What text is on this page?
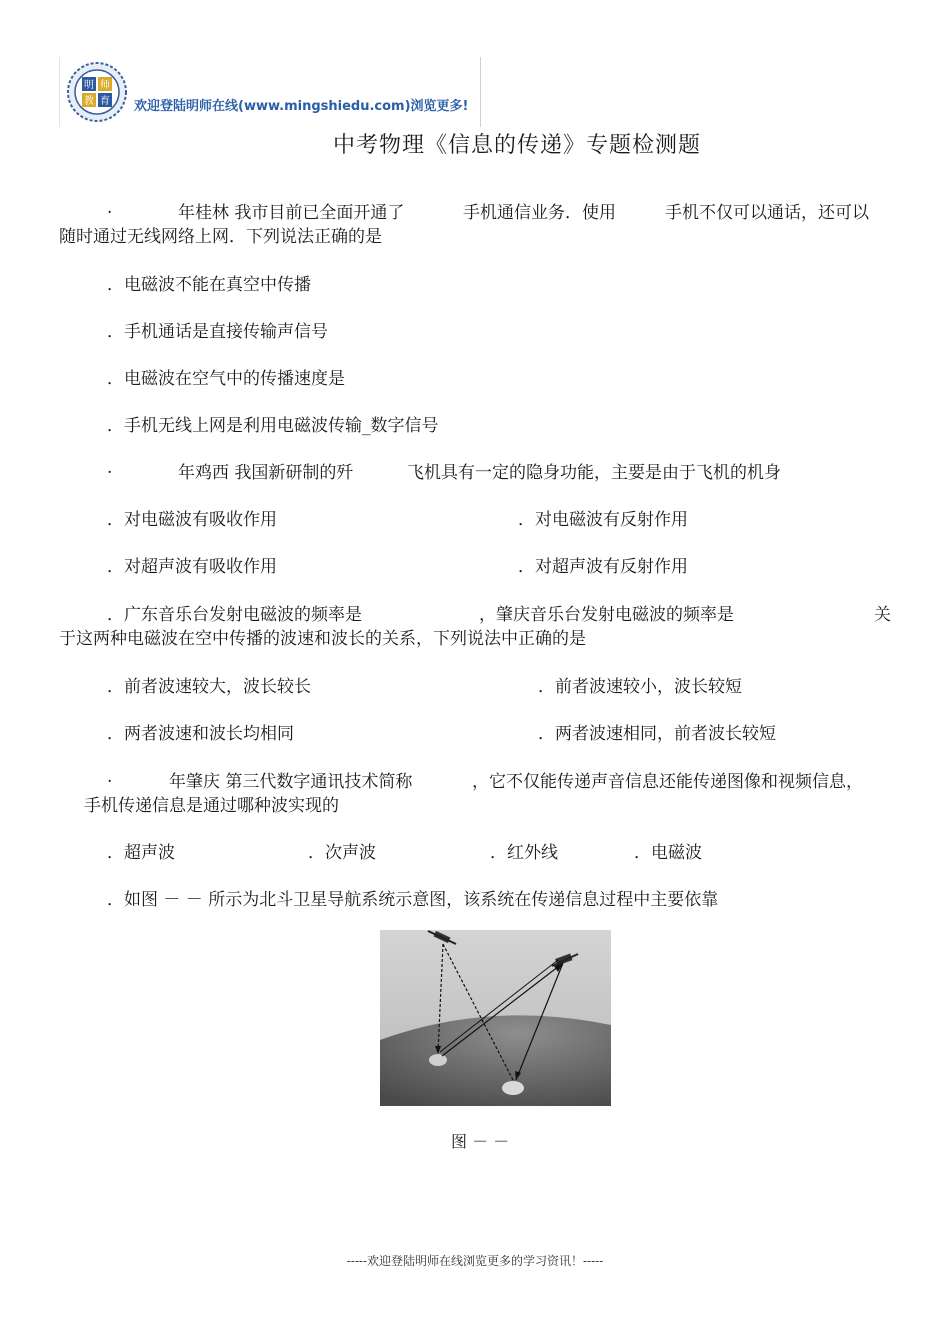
明 师
教 育 欢迎登陆明师在线(www.mingshiedu.com)浏览更多!
中考物理《信息的传递》专题检测题
.	年桂林 我市目前已全面开通了	手机通信业务．使用	手机不仅可以通话，还可以
随时通过无线网络上网．下列说法正确的是
．电磁波不能在真空中传播
．手机通话是直接传输声信号
．电磁波在空气中的传播速度是
．手机无线上网是利用电磁波传输_数字信号
.	年鸡西 我国新研制的歼	飞机具有一定的隐身功能，主要是由于飞机的机身
．对电磁波有吸收作用	．对电磁波有反射作用
．对超声波有吸收作用	．对超声波有反射作用
．广东音乐台发射电磁波的频率是	，肇庆音乐台发射电磁波的频率是	关
于这两种电磁波在空中传播的波速和波长的关系，下列说法中正确的是
．前者波速较大，波长较长	．前者波速较小，波长较短
．两者波速和波长均相同	．两者波速相同，前者波长较短
.	年肇庆 第三代数字通讯技术简称	，它不仅能传递声音信息还能传递图像和视频信息，
手机传递信息是通过哪种波实现的
．超声波	．次声波	．红外线	．电磁波
．如图 － － 所示为北斗卫星导航系统示意图，该系统在传递信息过程中主要依靠
图 － －
-----欢迎登陆明师在线浏览更多的学习资讯！-----
